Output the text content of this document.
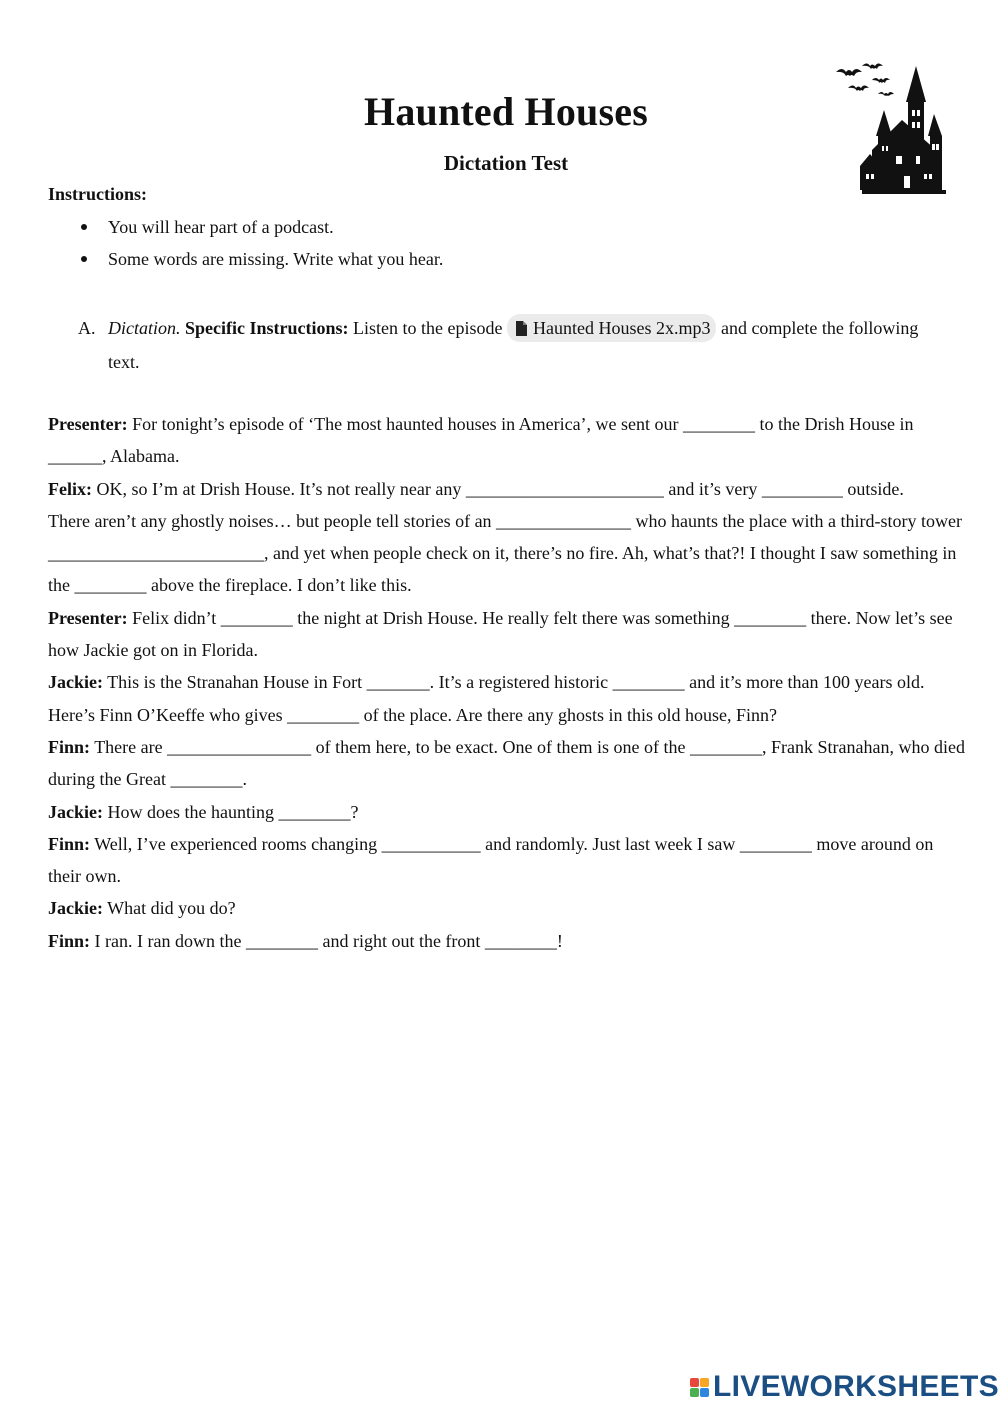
Haunted Houses
Dictation Test
Instructions:
You will hear part of a podcast.
Some words are missing. Write what you hear.
A. Dictation. Specific Instructions: Listen to the episode Haunted Houses 2x.mp3 and complete the following text.

Presenter: For tonight’s episode of ‘The most haunted houses in America’, we sent our ________ to the Drish House in ______, Alabama.

Felix: OK, so I’m at Drish House. It’s not really near any ______________________ and it’s very _________ outside.

There aren’t any ghostly noises… but people tell stories of an _______________ who haunts the place with a third-story tower ________________________, and yet when people check on it, there’s no fire. Ah, what’s that?! I thought I saw something in the ________ above the fireplace. I don’t like this.

Presenter: Felix didn’t ________ the night at Drish House. He really felt there was something ________ there. Now let’s see how Jackie got on in Florida.

Jackie: This is the Stranahan House in Fort _______. It’s a registered historic ________ and it’s more than 100 years old. Here’s Finn O’Keeffe who gives ________ of the place. Are there any ghosts in this old house, Finn?

Finn: There are ________________ of them here, to be exact. One of them is one of the ________, Frank Stranahan, who died during the Great ________.

Jackie: How does the haunting ________?

Finn: Well, I’ve experienced rooms changing ___________ and randomly. Just last week I saw ________ move around on their own.

Jackie: What did you do?

Finn: I ran. I ran down the ________ and right out the front ________!

LIVEWORKSHEETS
